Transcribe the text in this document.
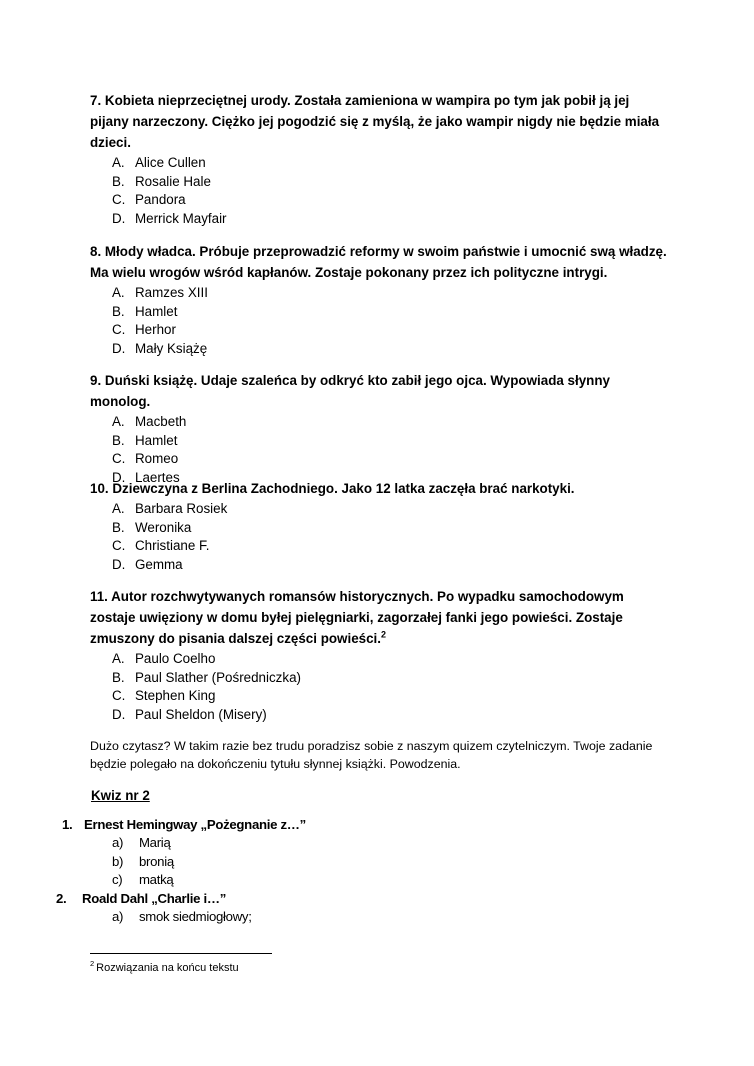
7. Kobieta nieprzeciętnej urody. Została zamieniona w wampira po tym jak pobił ją jej pijany narzeczony. Ciężko jej pogodzić się z myślą, że jako wampir nigdy nie będzie miała dzieci.

A. Alice Cullen
B. Rosalie Hale
C. Pandora
D. Merrick Mayfair

8. Młody władca. Próbuje przeprowadzić reformy w swoim państwie i umocnić swą władzę. Ma wielu wrogów wśród kapłanów. Zostaje pokonany przez ich polityczne intrygi.

A. Ramzes XIII
B. Hamlet
C. Herhor
D. Mały Książę

9. Duński książę. Udaje szaleńca by odkryć kto zabił jego ojca. Wypowiada słynny monolog.

A. Macbeth
B. Hamlet
C. Romeo
D. Laertes

10. Dziewczyna z Berlina Zachodniego. Jako 12 latka zaczęła brać narkotyki.

A. Barbara Rosiek
B. Weronika
C. Christiane F.
D. Gemma

11. Autor rozchwytywanych romansów historycznych. Po wypadku samochodowym zostaje uwięziony w domu byłej pielęgniarki, zagorzałej fanki jego powieści. Zostaje zmuszony do pisania dalszej części powieści.$^2$

A. Paulo Coelho
B. Paul Slather (Pośredniczka)
C. Stephen King
D. Paul Sheldon (Misery)

Dużo czytasz? W takim razie bez trudu poradzisz sobie z naszym quizem czytelniczym. Twoje zadanie będzie polegało na dokończeniu tytułu słynnej książki. Powodzenia.

Kwiz nr 2

1. Ernest Hemingway „Pożegnanie z…”
a)	Marią
b)	bronią
c)	matką
2.	Roald Dahl „Charlie i…”
a)	smok siedmiogłowy;

$^2$ Rozwiązania na końcu tekstu
